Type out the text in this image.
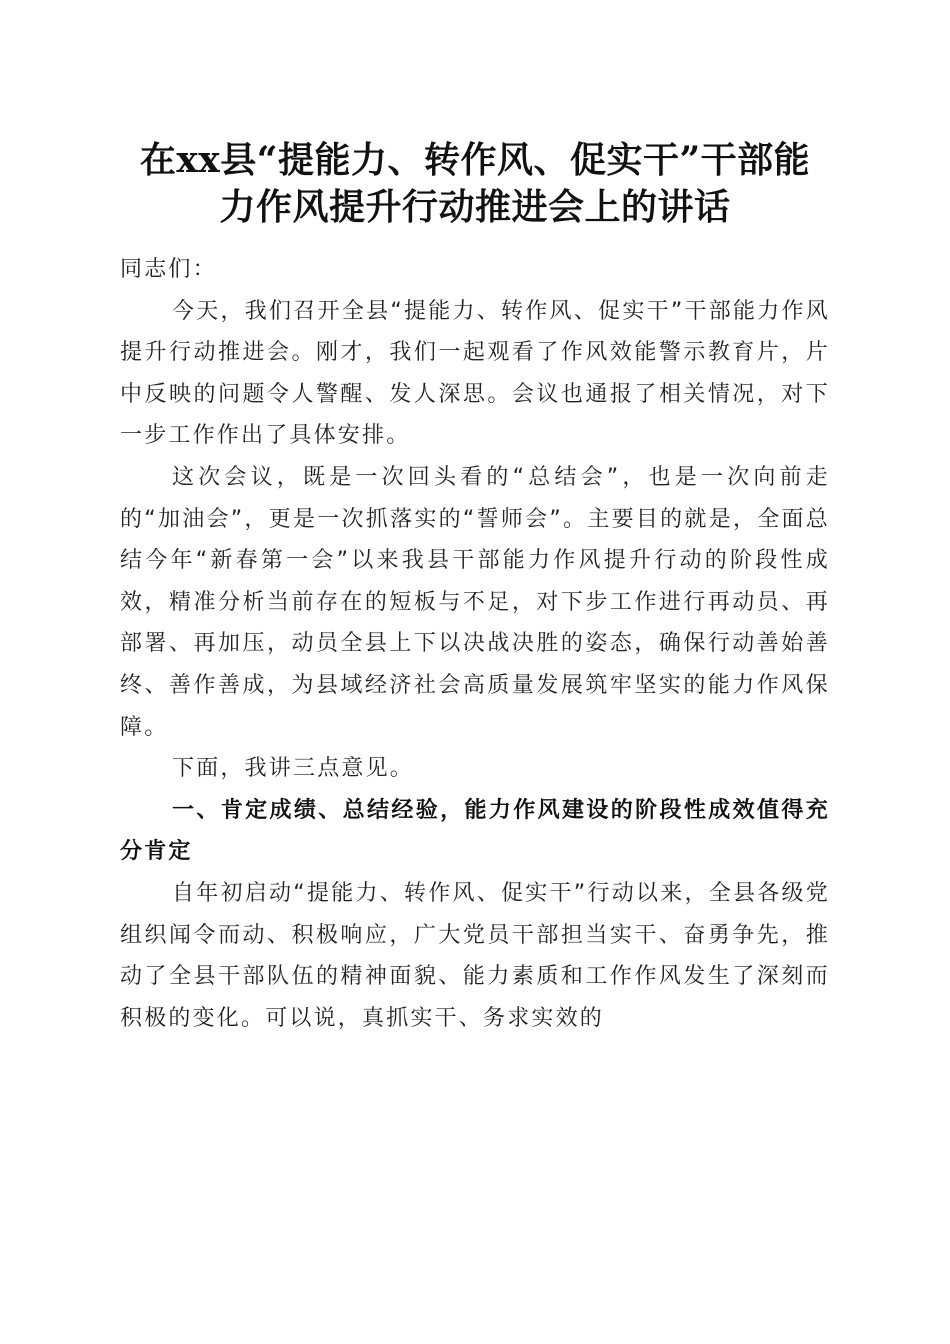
在xx县“提能力、转作风、促实干”干部能
力作风提升行动推进会上的讲话

同志们：

今天，我们召开全县“提能力、转作风、促实干”干部能力作风提升行动推进会。刚才，我们一起观看了作风效能警示教育片，片中反映的问题令人警醒、发人深思。会议也通报了相关情况，对下一步工作作出了具体安排。

这次会议，既是一次回头看的“总结会”，也是一次向前走的“加油会”，更是一次抓落实的“誓师会”。主要目的就是，全面总结今年“新春第一会”以来我县干部能力作风提升行动的阶段性成效，精准分析当前存在的短板与不足，对下步工作进行再动员、再部署、再加压，动员全县上下以决战决胜的姿态，确保行动善始善终、善作善成，为县域经济社会高质量发展筑牢坚实的能力作风保障。

下面，我讲三点意见。

一、肯定成绩、总结经验，能力作风建设的阶段性成效值得充分肯定

自年初启动“提能力、转作风、促实干”行动以来，全县各级党组织闻令而动、积极响应，广大党员干部担当实干、奋勇争先，推动了全县干部队伍的精神面貌、能力素质和工作作风发生了深刻而积极的变化。可以说，真抓实干、务求实效的
